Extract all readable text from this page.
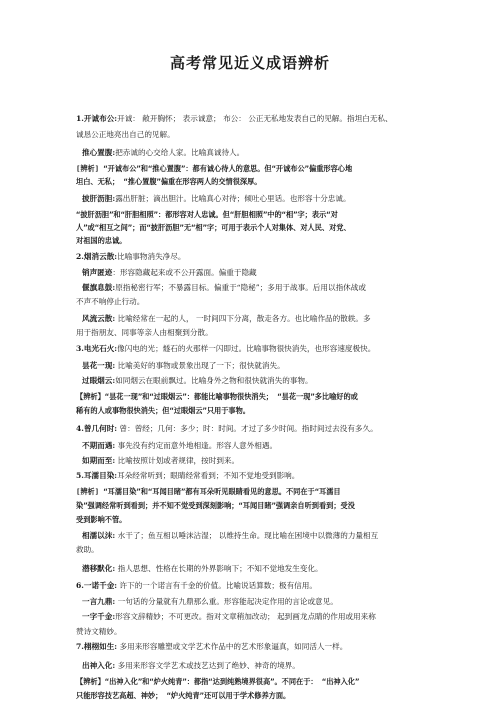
高考常见近义成语辨析
1.开诚布公:开诚： 敞开胸怀； 表示诚意； 布公： 公正无私地发表自己的见解。指坦白无私、
诚恳公正地亮出自己的见解。
推心置腹:把赤诚的心交给人家。比喻真诚待人。
[辨析] “开诚布公”和“推心置腹”：都有诚心待人的意思。但“开诚布公”偏重形容心地
坦白、无私； “推心置腹”偏重在形容两人的交情很深厚。
披肝沥胆:露出肝脏；滴出胆汁。比喻真心对待；倾吐心里话。也形容十分忠诚。
“披肝沥胆”和“肝胆相照”：都形容对人忠诚。但“肝胆相照”中的“相”字；表示“对
人”或“相互之间”；而“披肝沥胆”无“相”字；可用于表示个人对集体、对人民、对党、
对祖国的忠诚。
2.烟消云散:比喻事物消失净尽。
销声匿迹：形容隐藏起来或不公开露面。偏重于隐藏
偃旗息鼓:原指秘密行军；不暴露目标。偏重于“隐秘”；多用于战事。后用以指休战或
不声不响停止行动。
风流云散: 比喻经常在一起的人， 一时间四下分离，散走各方。也比喻作品的散轶。多
用于指朋友、同事等亲人由相聚到分散。
3.电光石火:像闪电的光；燧石的火那样一闪即过。比喻事物很快消失，也形容速度极快。
昙花一现: 比喻美好的事物或景象出现了一下；很快就消失。
过眼烟云:如同烟云在眼前飘过。比喻身外之物和很快就消失的事物。
【辨析】“昙花一现”和“过眼烟云”：都能比喻事物很快消失； “昙花一现”多比喻好的或
稀有的人或事物很快消失；但“过眼烟云”只用于事物。
4.曾几何时: 曾：曾经；几何：多少；时：时间。才过了多少时间。指时间过去没有多久。
不期而遇: 事先没有约定而意外地相逢。形容人意外相遇。
如期而至: 比喻按照计划或者规律，按时到来。
5.耳濡目染:耳朵经常听到；眼睛经常看到；不知不觉地受到影响。
[辨析] “耳濡目染”和“耳闻目睹”都有耳朵听见眼睛看见的意思。不同在于“耳濡目
染”强调经常听到看到；并不知不觉受到深刻影响；“耳闻目睹”强调亲自听到看到；受没
受到影响不管。
相濡以沫: 水干了；鱼互相以唾沫沾湿； 以维持生命。现比喻在困境中以微薄的力量相互
救助。
潜移默化: 指人思想、性格在长期的外界影响下；不知不觉地发生变化。
6.一诺千金: 许下的一个诺言有千金的价值。比喻说话算数；极有信用。
一言九鼎: 一句话的分量就有九鼎那么重。形容能起决定作用的言论或意见。
一字千金:形容文辞精妙；不可更改。指对文章稍加改动； 起到画龙点睛的作用或用来称
赞诗文精妙。
7.栩栩如生: 多用来形容雕塑或文学艺术作品中的艺术形象逼真，如同活人一样。
出神入化: 多用来形容文学艺术或技艺达到了绝妙、神奇的境界。
【辨析】“出神入化”和“炉火纯青”：都指“达到纯熟境界很高”。不同在于： “出神入化”
只能形容技艺高超、神妙； “炉火纯青”还可以用于学术修养方面。
